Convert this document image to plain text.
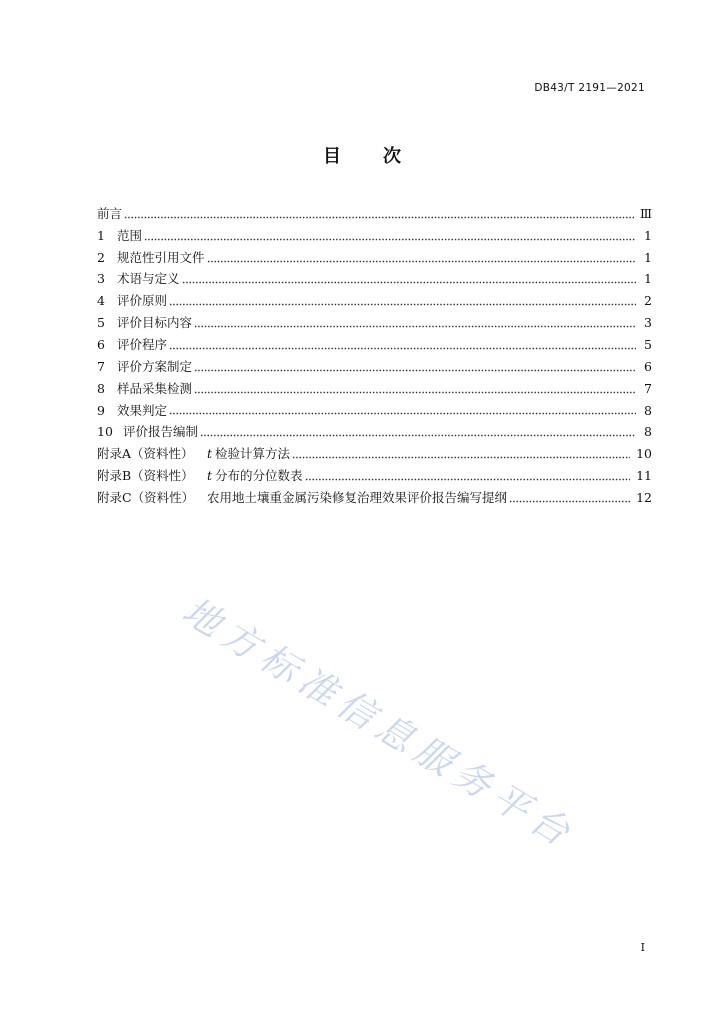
DB43/T 2191—2021
目次
前言	Ⅲ
1 范围	1
2 规范性引用文件	1
3 术语与定义	1
4 评价原则	2
5 评价目标内容	3
6 评价程序	5
7 评价方案制定	6
8 样品采集检测	7
9 效果判定	8
10 评价报告编制	8
附录A（资料性）	t 检验计算方法	10
附录B（资料性）	t 分布的分位数表	11
附录C（资料性）	农用地土壤重金属污染修复治理效果评价报告编写提纲	12
地方标准信息服务平台
I
